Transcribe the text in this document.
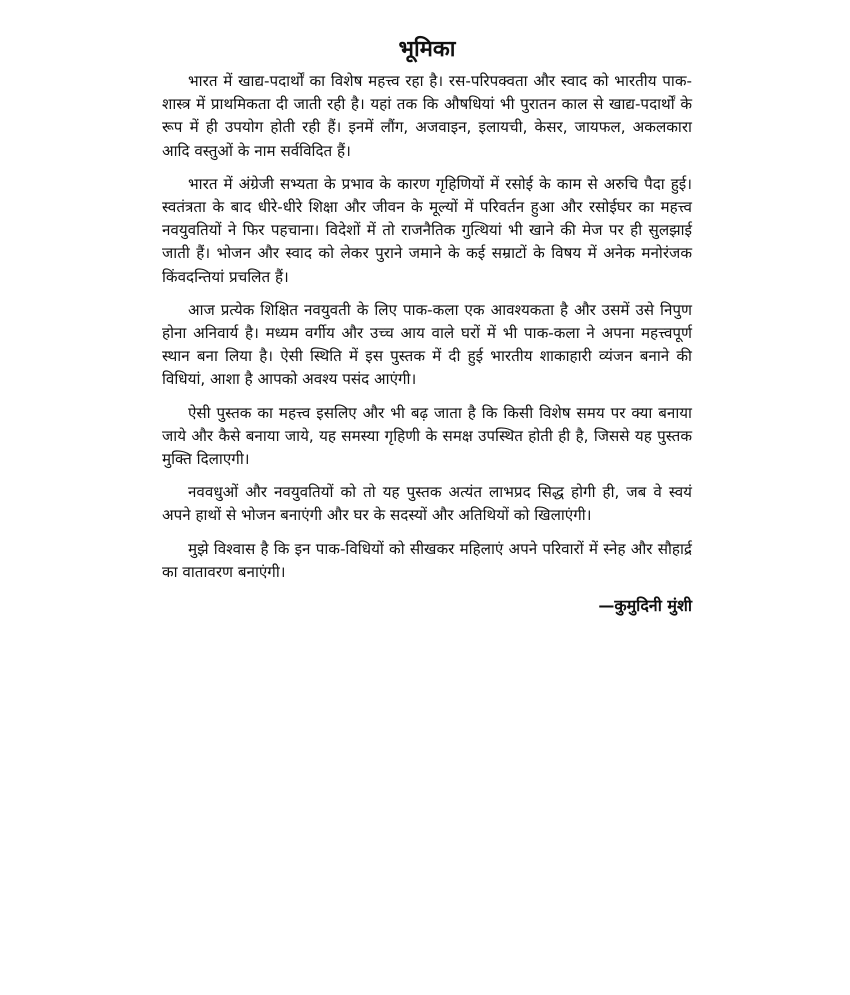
भूमिका

भारत में खाद्य-पदार्थों का विशेष महत्त्व रहा है। रस-परिपक्वता और स्वाद को भारतीय पाक-शास्त्र में प्राथमिकता दी जाती रही है। यहां तक कि औषधियां भी पुरातन काल से खाद्य-पदार्थों के रूप में ही उपयोग होती रही हैं। इनमें लौंग, अजवाइन, इलायची, केसर, जायफल, अकलकारा आदि वस्तुओं के नाम सर्वविदित हैं।

भारत में अंग्रेजी सभ्यता के प्रभाव के कारण गृहिणियों में रसोई के काम से अरुचि पैदा हुई। स्वतंत्रता के बाद धीरे-धीरे शिक्षा और जीवन के मूल्यों में परिवर्तन हुआ और रसोईघर का महत्त्व नवयुवतियों ने फिर पहचाना। विदेशों में तो राजनैतिक गुत्थियां भी खाने की मेज पर ही सुलझाई जाती हैं। भोजन और स्वाद को लेकर पुराने जमाने के कई सम्राटों के विषय में अनेक मनोरंजक किंवदन्तियां प्रचलित हैं।

आज प्रत्येक शिक्षित नवयुवती के लिए पाक-कला एक आवश्यकता है और उसमें उसे निपुण होना अनिवार्य है। मध्यम वर्गीय और उच्च आय वाले घरों में भी पाक-कला ने अपना महत्त्वपूर्ण स्थान बना लिया है। ऐसी स्थिति में इस पुस्तक में दी हुई भारतीय शाकाहारी व्यंजन बनाने की विधियां, आशा है आपको अवश्य पसंद आएंगी।

ऐसी पुस्तक का महत्त्व इसलिए और भी बढ़ जाता है कि किसी विशेष समय पर क्या बनाया जाये और कैसे बनाया जाये, यह समस्या गृहिणी के समक्ष उपस्थित होती ही है, जिससे यह पुस्तक मुक्ति दिलाएगी।

नववधुओं और नवयुवतियों को तो यह पुस्तक अत्यंत लाभप्रद सिद्ध होगी ही, जब वे स्वयं अपने हाथों से भोजन बनाएंगी और घर के सदस्यों और अतिथियों को खिलाएंगी।

मुझे विश्वास है कि इन पाक-विधियों को सीखकर महिलाएं अपने परिवारों में स्नेह और सौहार्द्र का वातावरण बनाएंगी।

—कुमुदिनी मुंशी
